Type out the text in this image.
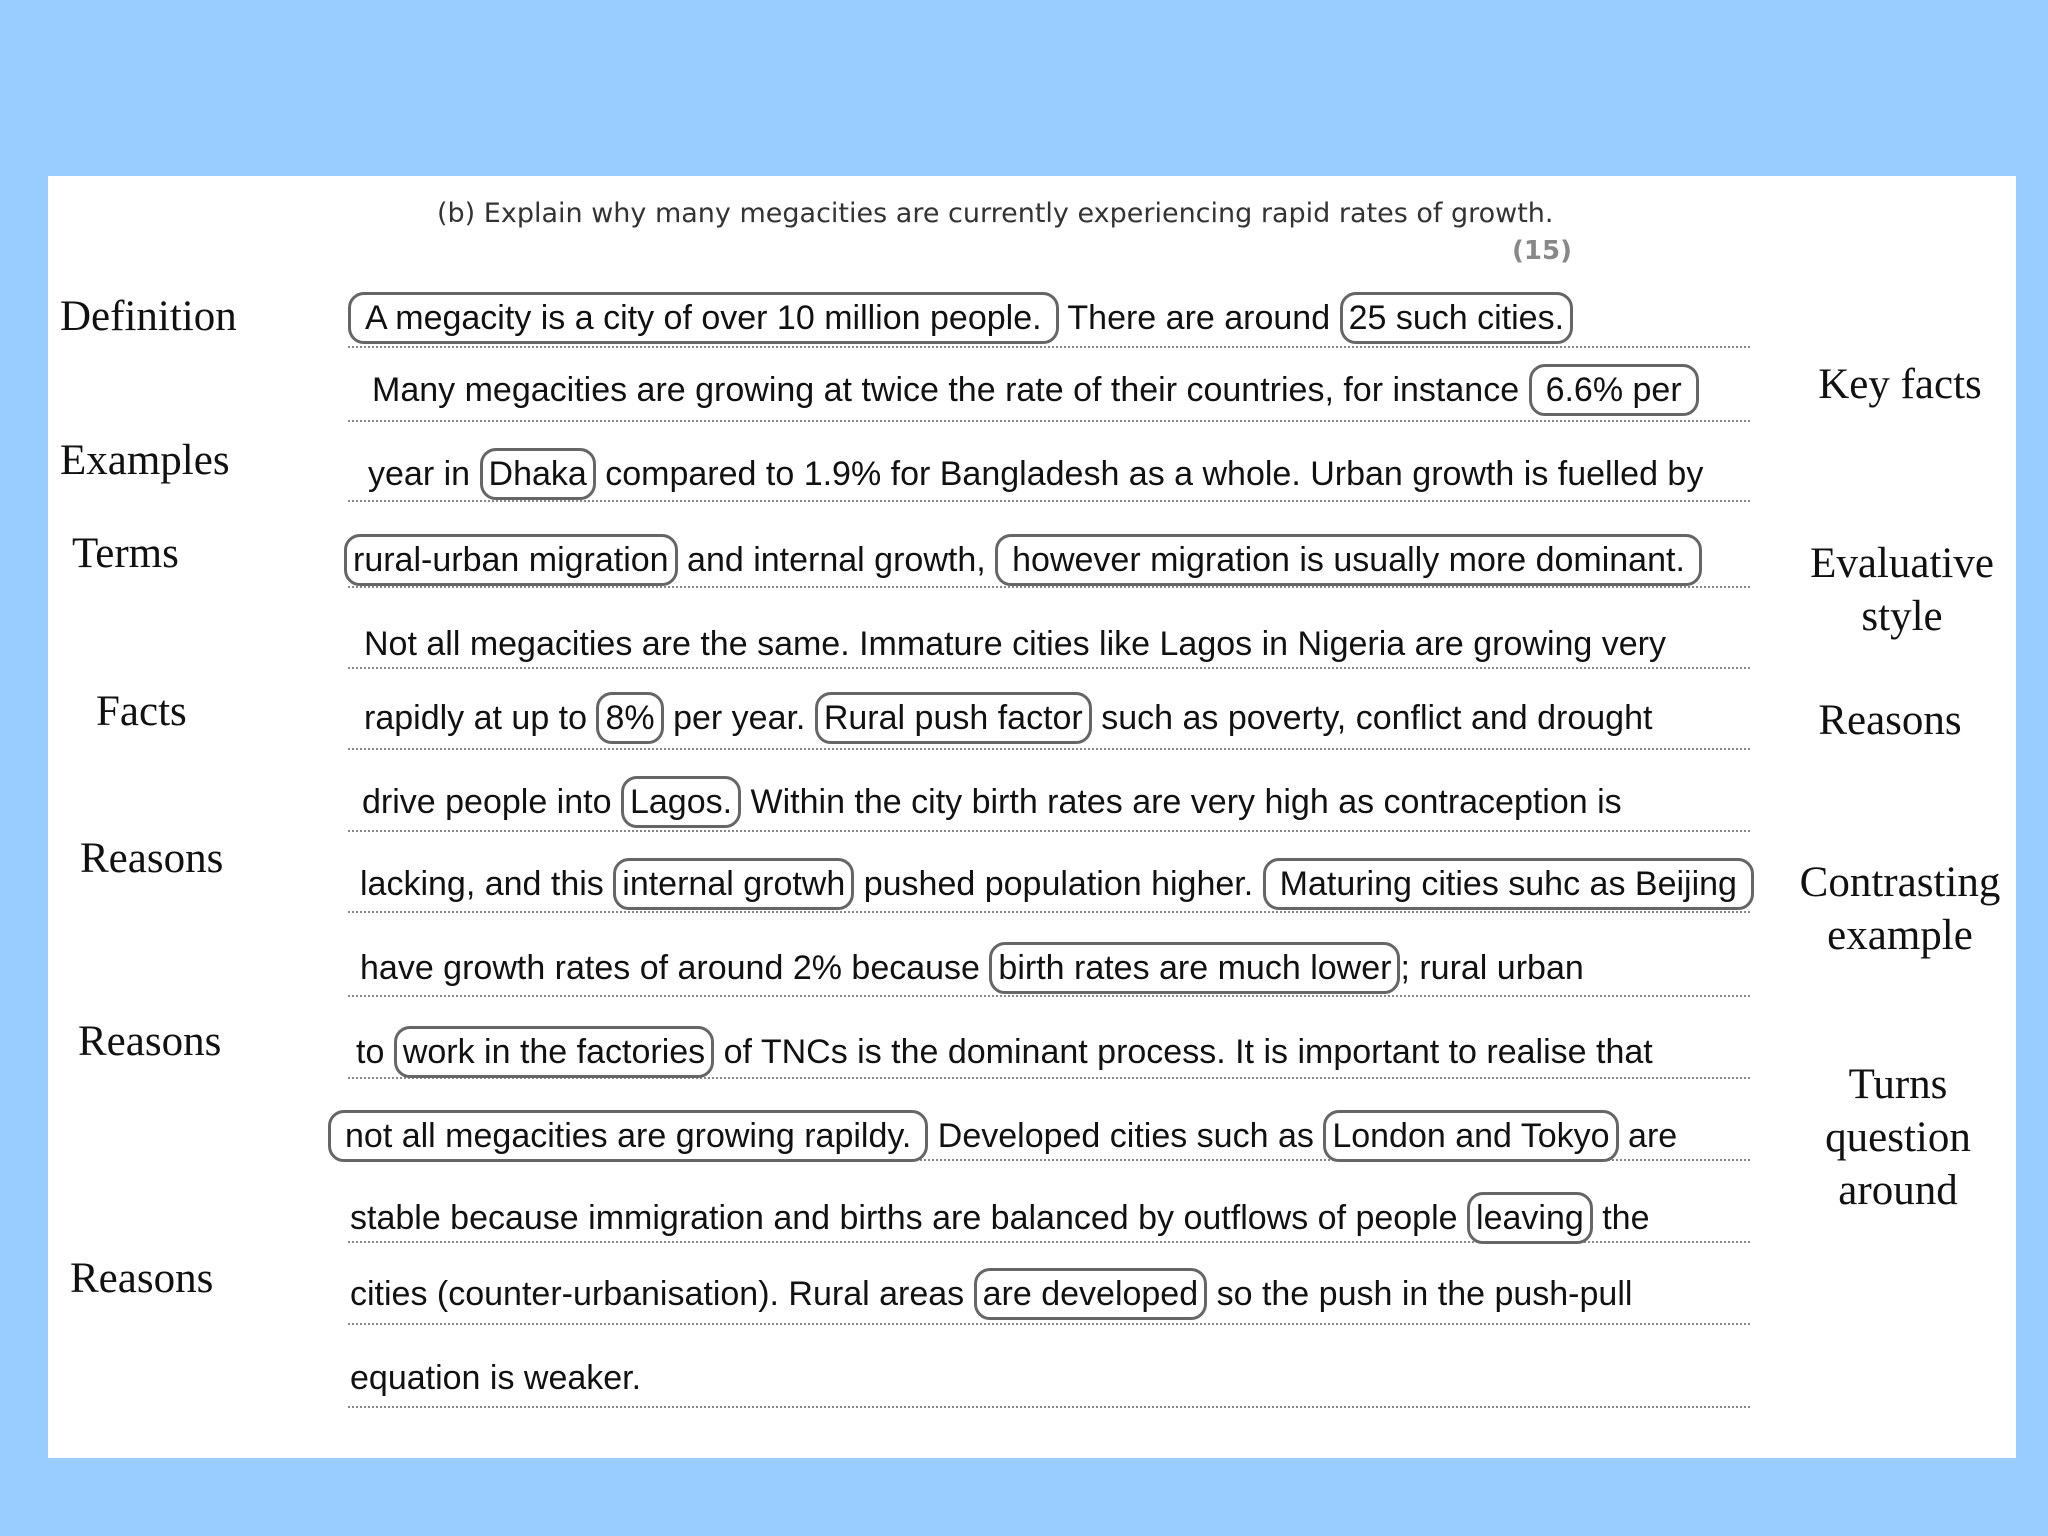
(b) Explain why many megacities are currently experiencing rapid rates of growth.
(15)
A megacity is a city of over 10 million people. There are around 25 such cities.
Many megacities are growing at twice the rate of their countries, for instance 6.6% per
year in Dhaka compared to 1.9% for Bangladesh as a whole. Urban growth is fuelled by
rural-urban migration and internal growth, however migration is usually more dominant.
Not all megacities are the same. Immature cities like Lagos in Nigeria are growing very
rapidly at up to 8% per year. Rural push factor such as poverty, conflict and drought
drive people into Lagos. Within the city birth rates are very high as contraception is
lacking, and this internal grotwh pushed population higher. Maturing cities suhc as Beijing
have growth rates of around 2% because birth rates are much lower ; rural urban
to work in the factories of TNCs is the dominant process. It is important to realise that
not all megacities are growing rapildy. Developed cities such as London and Tokyo are
stable because immigration and births are balanced by outflows of people leaving the
cities (counter-urbanisation). Rural areas are developed so the push in the push-pull
equation is weaker.
Definition
Examples
Terms
Facts
Reasons
Reasons
Reasons
Key facts
Evaluative
style
Reasons
Contrasting
example
Turns
question
around
